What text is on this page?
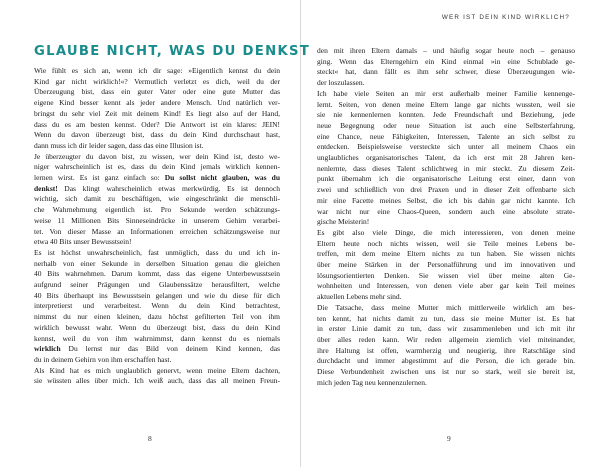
GLAUBE NICHT, WAS DU DENKST
Wie fühlt es sich an, wenn ich dir sage: »Eigentlich kennst du dein
Kind gar nicht wirklich!«? Vermutlich verletzt es dich, weil du der
Überzeugung bist, dass ein guter Vater oder eine gute Mutter das
eigene Kind besser kennt als jeder andere Mensch. Und natürlich ver-
bringst du sehr viel Zeit mit deinem Kind! Es liegt also auf der Hand,
dass du es am besten kennst. Oder? Die Antwort ist ein klares: JEIN!
Wenn du davon überzeugt bist, dass du dein Kind durchschaut hast,
dann muss ich dir leider sagen, dass das eine Illusion ist.
Je überzeugter du davon bist, zu wissen, wer dein Kind ist, desto we-
niger wahrscheinlich ist es, dass du dein Kind jemals wirklich kennen-
lernen wirst. Es ist ganz einfach so: Du sollst nicht glauben, was du
denkst! Das klingt wahrscheinlich etwas merkwürdig. Es ist dennoch
wichtig, sich damit zu beschäftigen, wie eingeschränkt die menschli-
che Wahrnehmung eigentlich ist. Pro Sekunde werden schätzungs-
weise 11 Millionen Bits Sinneseindrücke in unserem Gehirn verarbei-
tet. Von dieser Masse an Informationen erreichen schätzungsweise nur
etwa 40 Bits unser Bewusstsein!
Es ist höchst unwahrscheinlich, fast unmöglich, dass du und ich in-
nerhalb von einer Sekunde in derselben Situation genau die gleichen
40 Bits wahrnehmen. Darum kommt, dass das eigene Unterbewusstsein
aufgrund seiner Prägungen und Glaubenssätze herausfiltert, welche
40 Bits überhaupt ins Bewusstsein gelangen und wie du diese für dich
interpretierst und verarbeitest. Wenn du dein Kind betrachtest,
nimmst du nur einen kleinen, dazu höchst gefilterten Teil von ihm
wirklich bewusst wahr. Wenn du überzeugt bist, dass du dein Kind
kennst, weil du von ihm wahrnimmst, dann kennst du es niemals
wirklich Du lernst nur das Bild von deinem Kind kennen, das
du in deinem Gehirn von ihm erschaffen hast.
Als Kind hat es mich unglaublich genervt, wenn meine Eltern dachten,
sie wüssten alles über mich. Ich weiß auch, dass das all meinen Freun-
8
WER IST DEIN KIND WIRKLICH?
den mit ihren Eltern damals – und häufig sogar heute noch – genauso
ging. Wenn das Elterngehirn ein Kind einmal »in eine Schublade ge-
steckt« hat, dann fällt es ihm sehr schwer, diese Überzeugungen wie-
der loszulassen.
Ich habe viele Seiten an mir erst außerhalb meiner Familie kennenge-
lernt. Seiten, von denen meine Eltern lange gar nichts wussten, weil sie
sie nie kennenlernen konnten. Jede Freundschaft und Beziehung, jede
neue Begegnung oder neue Situation ist auch eine Selbsterfahrung,
eine Chance, neue Fähigkeiten, Interessen, Talente an sich selbst zu
entdecken. Beispielsweise versteckte sich unter all meinem Chaos ein
unglaubliches organisatorisches Talent, da ich erst mit 28 Jahren ken-
nenlernte, dass dieses Talent schlichtweg in mir steckt. Zu diesem Zeit-
punkt übernahm ich die organisatorische Leitung erst einer, dann von
zwei und schließlich von drei Praxen und in dieser Zeit offenbarte sich
mir eine Facette meines Selbst, die ich bis dahin gar nicht kannte. Ich
war nicht nur eine Chaos-Queen, sondern auch eine absolute strate-
gische Meisterin!
Es gibt also viele Dinge, die mich interessieren, von denen meine
Eltern heute noch nichts wissen, weil sie Teile meines Lebens be-
treffen, mit dem meine Eltern nichts zu tun haben. Sie wissen nichts
über meine Stärken in der Personalführung und im innovativen und
lösungsorientierten Denken. Sie wissen viel über meine alten Ge-
wohnheiten und Interessen, von denen viele aber gar kein Teil meines
aktuellen Lebens mehr sind.
Die Tatsache, dass meine Mutter mich mittlerweile wirklich am bes-
ten kennt, hat nichts damit zu tun, dass sie meine Mutter ist. Es hat
in erster Linie damit zu tun, dass wir zusammenleben und ich mit ihr
über alles reden kann. Wir reden allgemein ziemlich viel miteinander,
ihre Haltung ist offen, warmherzig und neugierig, ihre Ratschläge sind
durchdacht und immer abgestimmt auf die Person, die ich gerade bin.
Diese Verbundenheit zwischen uns ist nur so stark, weil sie bereit ist,
mich jeden Tag neu kennenzulernen.
9
